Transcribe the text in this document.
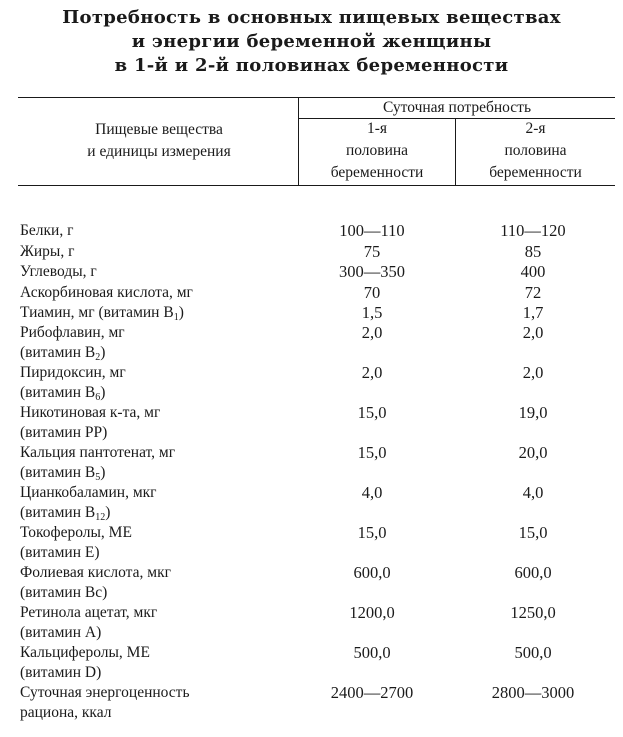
Потребность в основных пищевых веществах
и энергии беременной женщины
в 1-й и 2-й половинах беременности
Пищевые вещества
и единицы измерения
Суточная потребность
1-я
половина
беременности
2-я
половина
беременности
Белки, г	100—110	110—120
Жиры, г	75	85
Углеводы, г	300—350	400
Аскорбиновая кислота, мг	70	72
Тиамин, мг (витамин $B_1$)	1,5	1,7
Рибофлавин, мг
(витамин $B_2$)
2,0	2,0
Пиридоксин, мг
(витамин $B_6$)
2,0	2,0
Никотиновая к-та, мг
(витамин PP)
15,0	19,0
Кальция пантотенат, мг
(витамин $B_5$)
15,0	20,0
Цианкобаламин, мкг
(витамин $B_{12}$)
4,0	4,0
Токоферолы, МЕ
(витамин E)
15,0	15,0
Фолиевая кислота, мкг
(витамин Bc)
600,0	600,0
Ретинола ацетат, мкг
(витамин A)
1200,0	1250,0
Кальциферолы, МЕ
(витамин D)
500,0	500,0
Суточная энергоценность
рациона, ккал
2400—2700	2800—3000
